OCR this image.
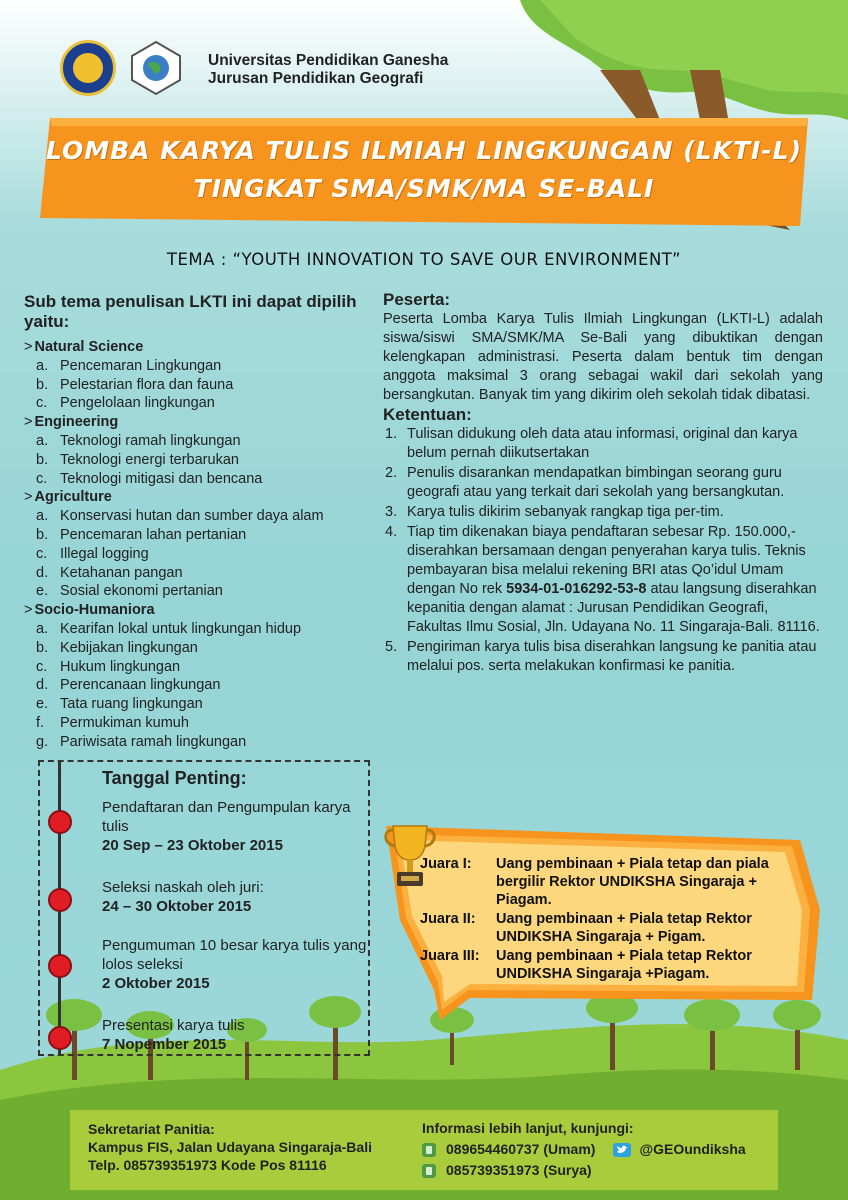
Universitas Pendidikan Ganesha
Jurusan Pendidikan Geografi
LOMBA KARYA TULIS ILMIAH LINGKUNGAN (LKTI-L)
TINGKAT SMA/SMK/MA SE-BALI
TEMA : “YOUTH INNOVATION TO SAVE OUR ENVIRONMENT”
Sub tema penulisan LKTI ini dapat dipilih yaitu:
> Natural Science
a. Pencemaran Lingkungan
b. Pelestarian flora dan fauna
c. Pengelolaan lingkungan
> Engineering
a. Teknologi ramah lingkungan
b. Teknologi energi terbarukan
c. Teknologi mitigasi dan bencana
> Agriculture
a. Konservasi hutan dan sumber daya alam
b. Pencemaran lahan pertanian
c. Illegal logging
d. Ketahanan pangan
e. Sosial ekonomi pertanian
> Socio-Humaniora
a. Kearifan lokal untuk lingkungan hidup
b. Kebijakan lingkungan
c. Hukum lingkungan
d. Perencanaan lingkungan
e. Tata ruang lingkungan
f. Permukiman kumuh
g. Pariwisata ramah lingkungan
Peserta:
Peserta Lomba Karya Tulis Ilmiah Lingkungan (LKTI-L) adalah siswa/siswi SMA/SMK/MA Se-Bali yang dibuktikan dengan kelengkapan administrasi. Peserta dalam bentuk tim dengan anggota maksimal 3 orang sebagai wakil dari sekolah yang bersangkutan. Banyak tim yang dikirim oleh sekolah tidak dibatasi.
Ketentuan:
1. Tulisan didukung oleh data atau informasi, original dan karya belum pernah diikutsertakan
2. Penulis disarankan mendapatkan bimbingan seorang guru geografi atau yang terkait dari sekolah yang bersangkutan.
3. Karya tulis dikirim sebanyak rangkap tiga per-tim.
4. Tiap tim dikenakan biaya pendaftaran sebesar Rp. 150.000,- diserahkan bersamaan dengan penyerahan karya tulis. Teknis pembayaran bisa melalui rekening BRI atas Qo’idul Umam dengan No rek 5934-01-016292-53-8 atau langsung diserahkan kepanitia dengan alamat : Jurusan Pendidikan Geografi, Fakultas Ilmu Sosial, Jln. Udayana No. 11 Singaraja-Bali. 81116.
5. Pengiriman karya tulis bisa diserahkan langsung ke panitia atau melalui pos. serta melakukan konfirmasi ke panitia.
Tanggal Penting:
Pendaftaran dan Pengumpulan karya tulis
20 Sep – 23 Oktober 2015
Seleksi naskah oleh juri:
24 – 30 Oktober 2015
Pengumuman 10 besar karya tulis yang lolos seleksi
2 Oktober 2015
Presentasi karya tulis
7 Nopember 2015
Juara I:	Uang pembinaan + Piala tetap dan piala bergilir Rektor UNDIKSHA Singaraja + Piagam.
Juara II:	Uang pembinaan + Piala tetap Rektor UNDIKSHA Singaraja + Pigam.
Juara III:	Uang pembinaan + Piala tetap Rektor UNDIKSHA Singaraja +Piagam.
Sekretariat Panitia:
Kampus FIS, Jalan Udayana Singaraja-Bali
Telp. 085739351973 Kode Pos 81116
Informasi lebih lanjut, kunjungi:
089654460737 (Umam)	@GEOundiksha
085739351973 (Surya)
